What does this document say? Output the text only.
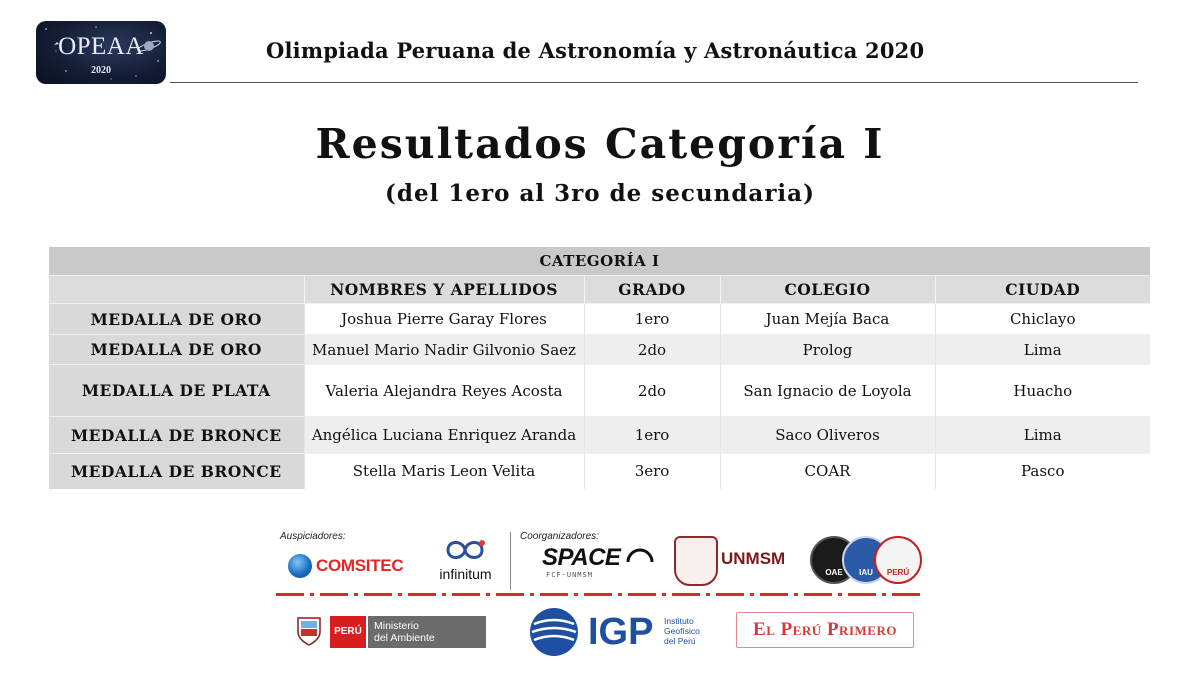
OPEAA
2020
Olimpiada Peruana de Astronomía y Astronáutica 2020
Resultados Categoría I
(del 1ero al 3ro de secundaria)
CATEGORÍA I				
	NOMBRES Y APELLIDOS	GRADO	COLEGIO	CIUDAD
MEDALLA DE ORO	Joshua Pierre Garay Flores	1ero	Juan Mejía Baca	Chiclayo
MEDALLA DE ORO	Manuel Mario Nadir Gilvonio Saez	2do	Prolog	Lima
MEDALLA DE PLATA	Valeria Alejandra Reyes Acosta	2do	San Ignacio de Loyola	Huacho
MEDALLA DE BRONCE	Angélica Luciana Enriquez Aranda	1ero	Saco Oliveros	Lima
MEDALLA DE BRONCE	Stella Maris Leon Velita	3ero	COAR	Pasco
Auspiciadores:	Coorganizadores:
COMSITEC	infinitum
SPACE
FCF-UNMSM
UNMSM
OAE	IAU	PERÚ
PERÚ	Ministerio
del Ambiente	IGP Instituto
Geofísico
del Perú
El Perú Primero
